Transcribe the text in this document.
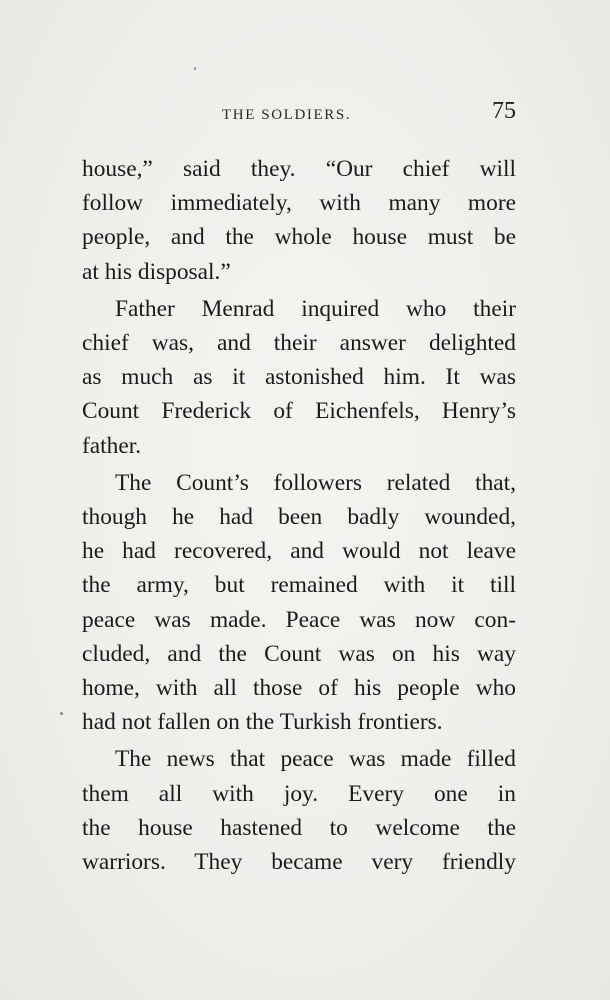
THE SOLDIERS.	75
house,” said they. “Our chief will
follow immediately, with many more
people, and the whole house must be
at his disposal.”
Father Menrad inquired who their
chief was, and their answer delighted
as much as it astonished him. It was
Count Frederick of Eichenfels, Henry’s
father.
The Count’s followers related that,
though he had been badly wounded,
he had recovered, and would not leave
the army, but remained with it till
peace was made. Peace was now con-
cluded, and the Count was on his way
home, with all those of his people who
had not fallen on the Turkish frontiers.
The news that peace was made filled
them all with joy. Every one in
the house hastened to welcome the
warriors. They became very friendly
